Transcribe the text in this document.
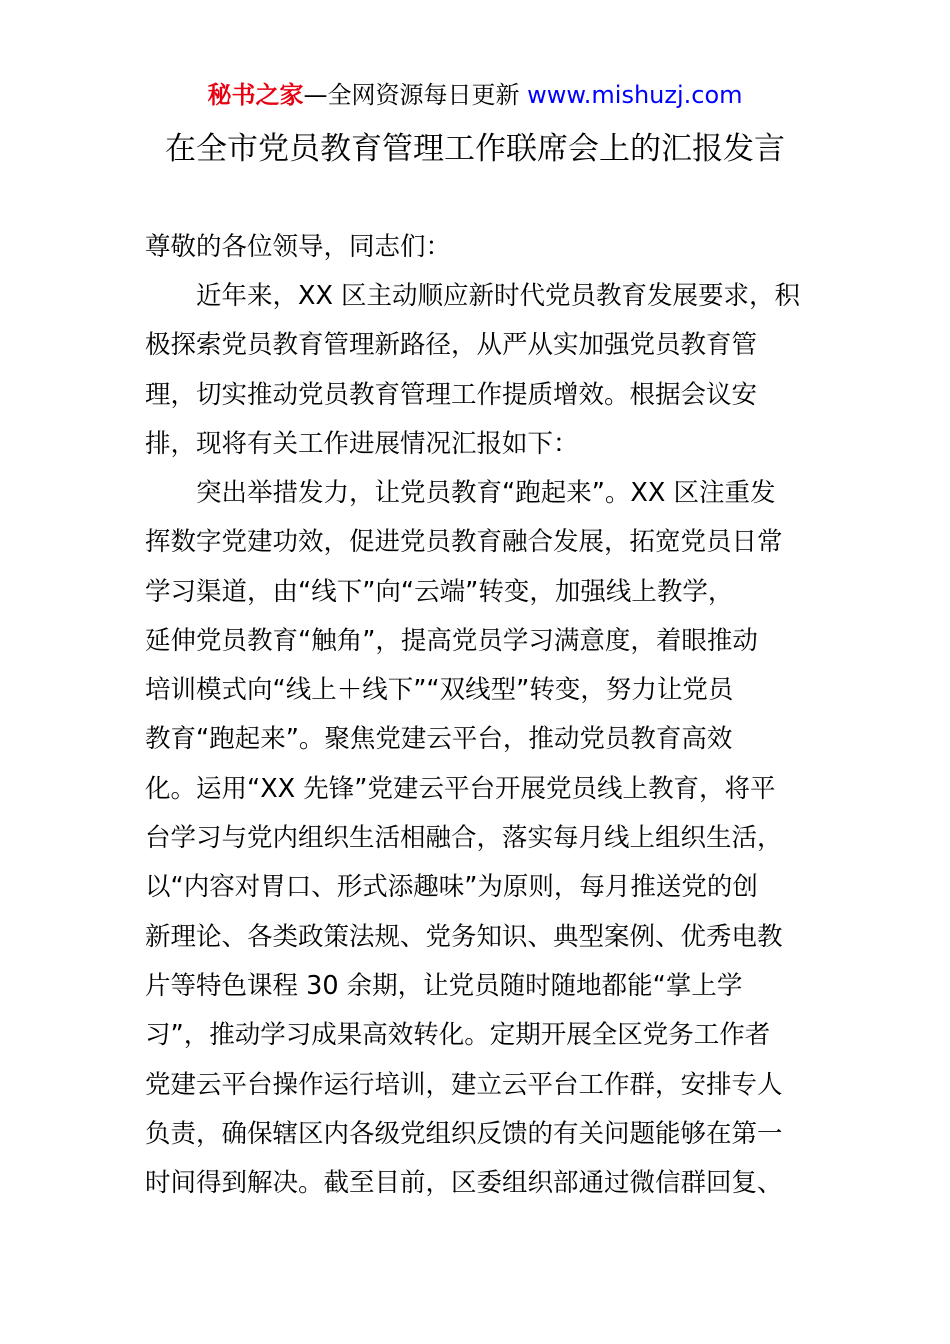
秘书之家—全网资源每日更新 www.mishuzj.com
在全市党员教育管理工作联席会上的汇报发言
尊敬的各位领导，同志们：
　　近年来，XX 区主动顺应新时代党员教育发展要求，积
极探索党员教育管理新路径，从严从实加强党员教育管
理，切实推动党员教育管理工作提质增效。根据会议安
排，现将有关工作进展情况汇报如下：
　　突出举措发力，让党员教育“跑起来”。XX 区注重发
挥数字党建功效，促进党员教育融合发展，拓宽党员日常
学习渠道，由“线下”向“云端”转变，加强线上教学，
延伸党员教育“触角”，提高党员学习满意度，着眼推动
培训模式向“线上＋线下”“双线型”转变，努力让党员
教育“跑起来”。聚焦党建云平台，推动党员教育高效
化。运用“XX 先锋”党建云平台开展党员线上教育，将平
台学习与党内组织生活相融合，落实每月线上组织生活，
以“内容对胃口、形式添趣味”为原则，每月推送党的创
新理论、各类政策法规、党务知识、典型案例、优秀电教
片等特色课程 30 余期，让党员随时随地都能“掌上学
习”，推动学习成果高效转化。定期开展全区党务工作者
党建云平台操作运行培训，建立云平台工作群，安排专人
负责，确保辖区内各级党组织反馈的有关问题能够在第一
时间得到解决。截至目前，区委组织部通过微信群回复、
